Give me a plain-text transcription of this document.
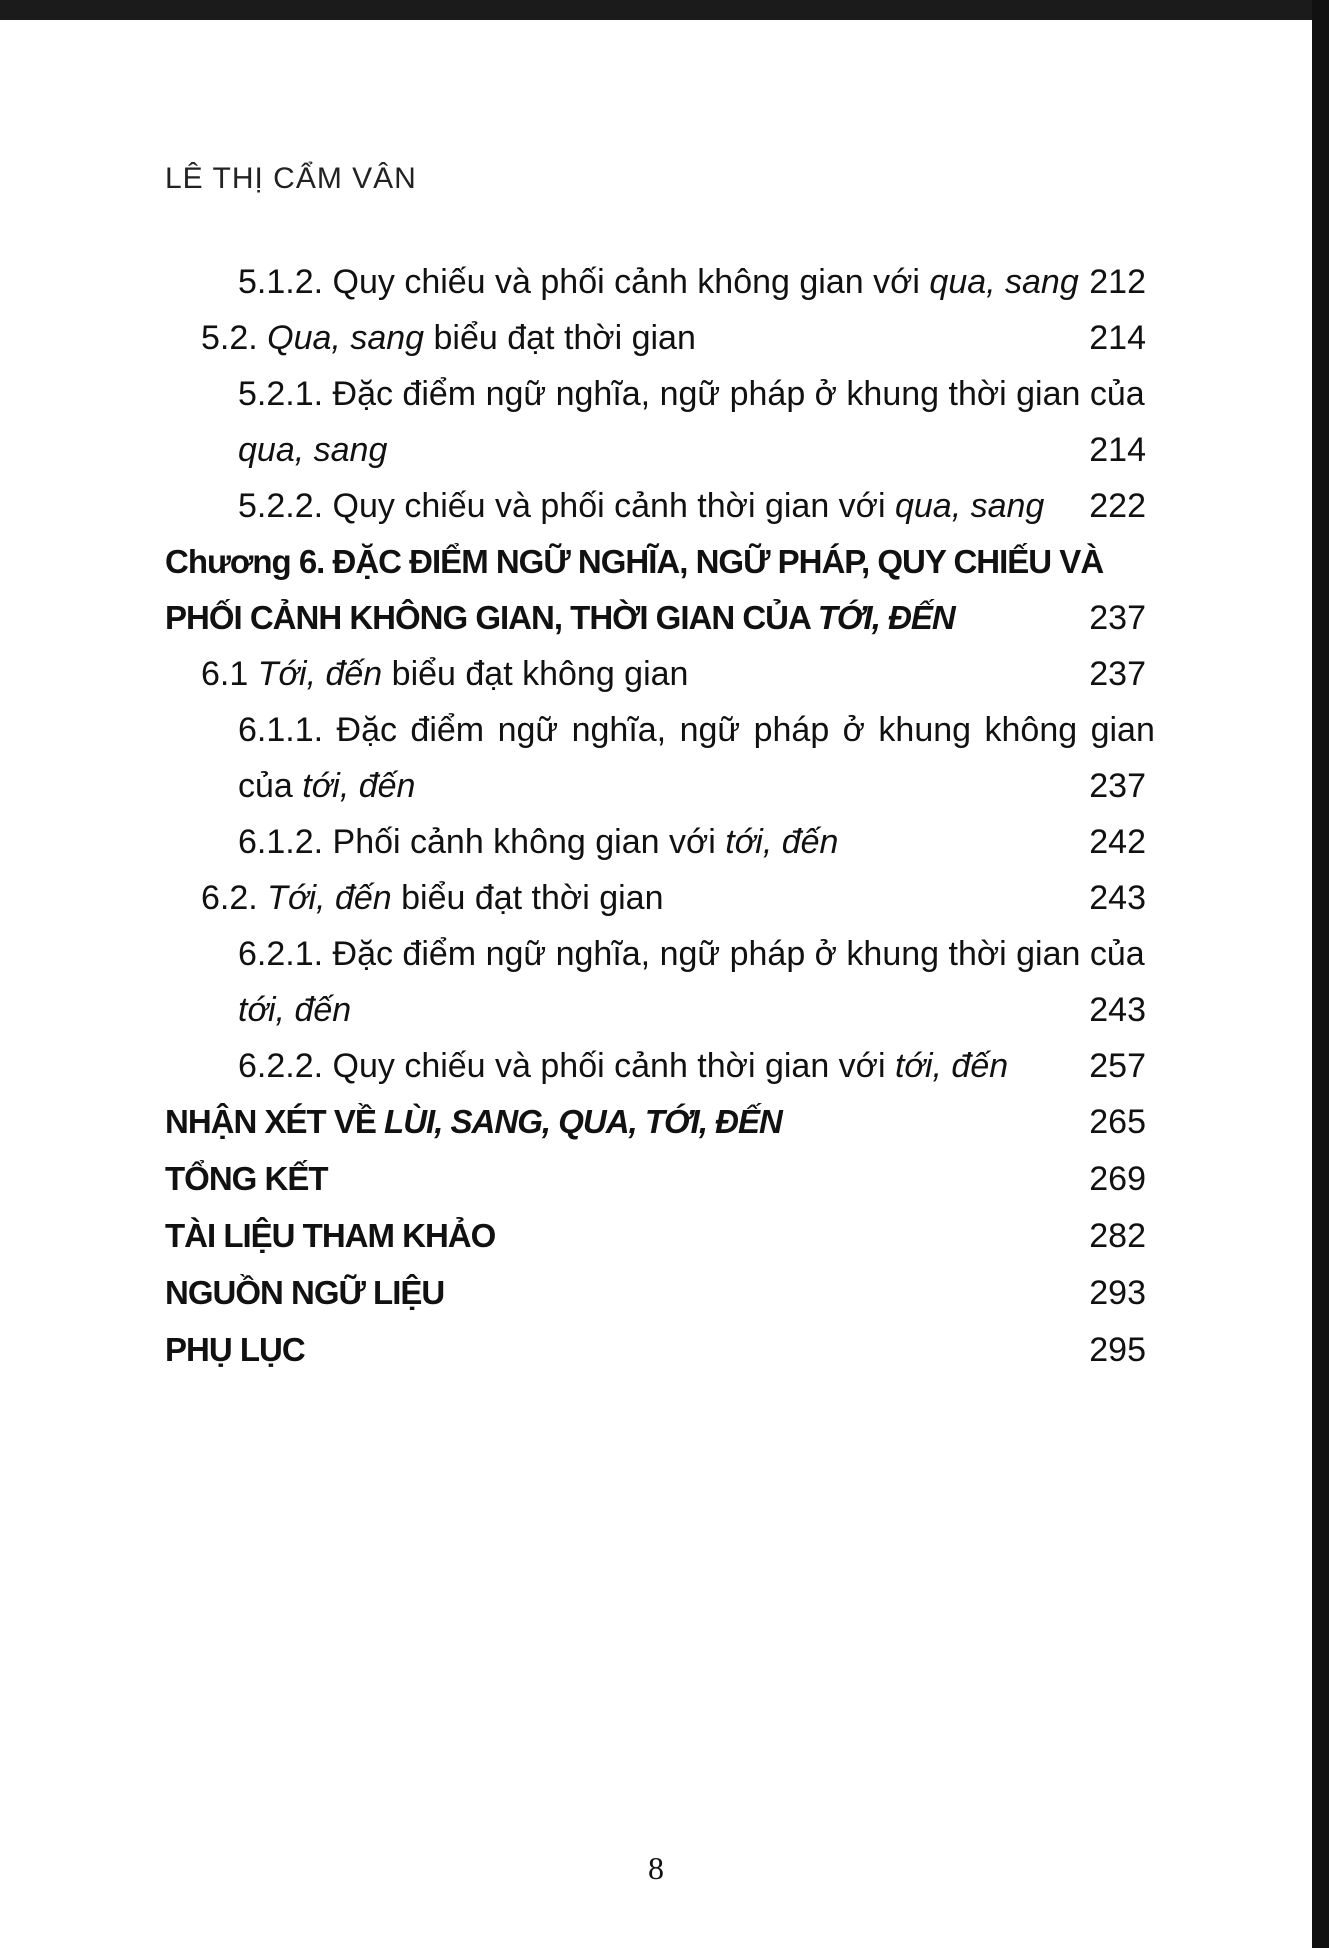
LÊ THỊ CẨM VÂN
5.1.2. Quy chiếu và phối cảnh không gian với qua, sang 212
5.2. Qua, sang biểu đạt thời gian	214
5.2.1. Đặc điểm ngữ nghĩa, ngữ pháp ở khung thời gian của
qua, sang	214
5.2.2. Quy chiếu và phối cảnh thời gian với qua, sang 222
Chương 6. ĐẶC ĐIỂM NGỮ NGHĨA, NGỮ PHÁP, QUY CHIẾU VÀ
PHỐI CẢNH KHÔNG GIAN, THỜI GIAN CỦA TỚI, ĐẾN	237
6.1 Tới, đến biểu đạt không gian	237
6.1.1. Đặc điểm ngữ nghĩa, ngữ pháp ở khung không gian
của tới, đến	237
6.1.2. Phối cảnh không gian với tới, đến	242
6.2. Tới, đến biểu đạt thời gian	243
6.2.1. Đặc điểm ngữ nghĩa, ngữ pháp ở khung thời gian của
tới, đến	243
6.2.2. Quy chiếu và phối cảnh thời gian với tới, đến 257
NHẬN XÉT VỀ LÙI, SANG, QUA, TỚI, ĐẾN	265
TỔNG KẾT	269
TÀI LIỆU THAM KHẢO	282
NGUỒN NGỮ LIỆU	293
PHỤ LỤC	295
8
